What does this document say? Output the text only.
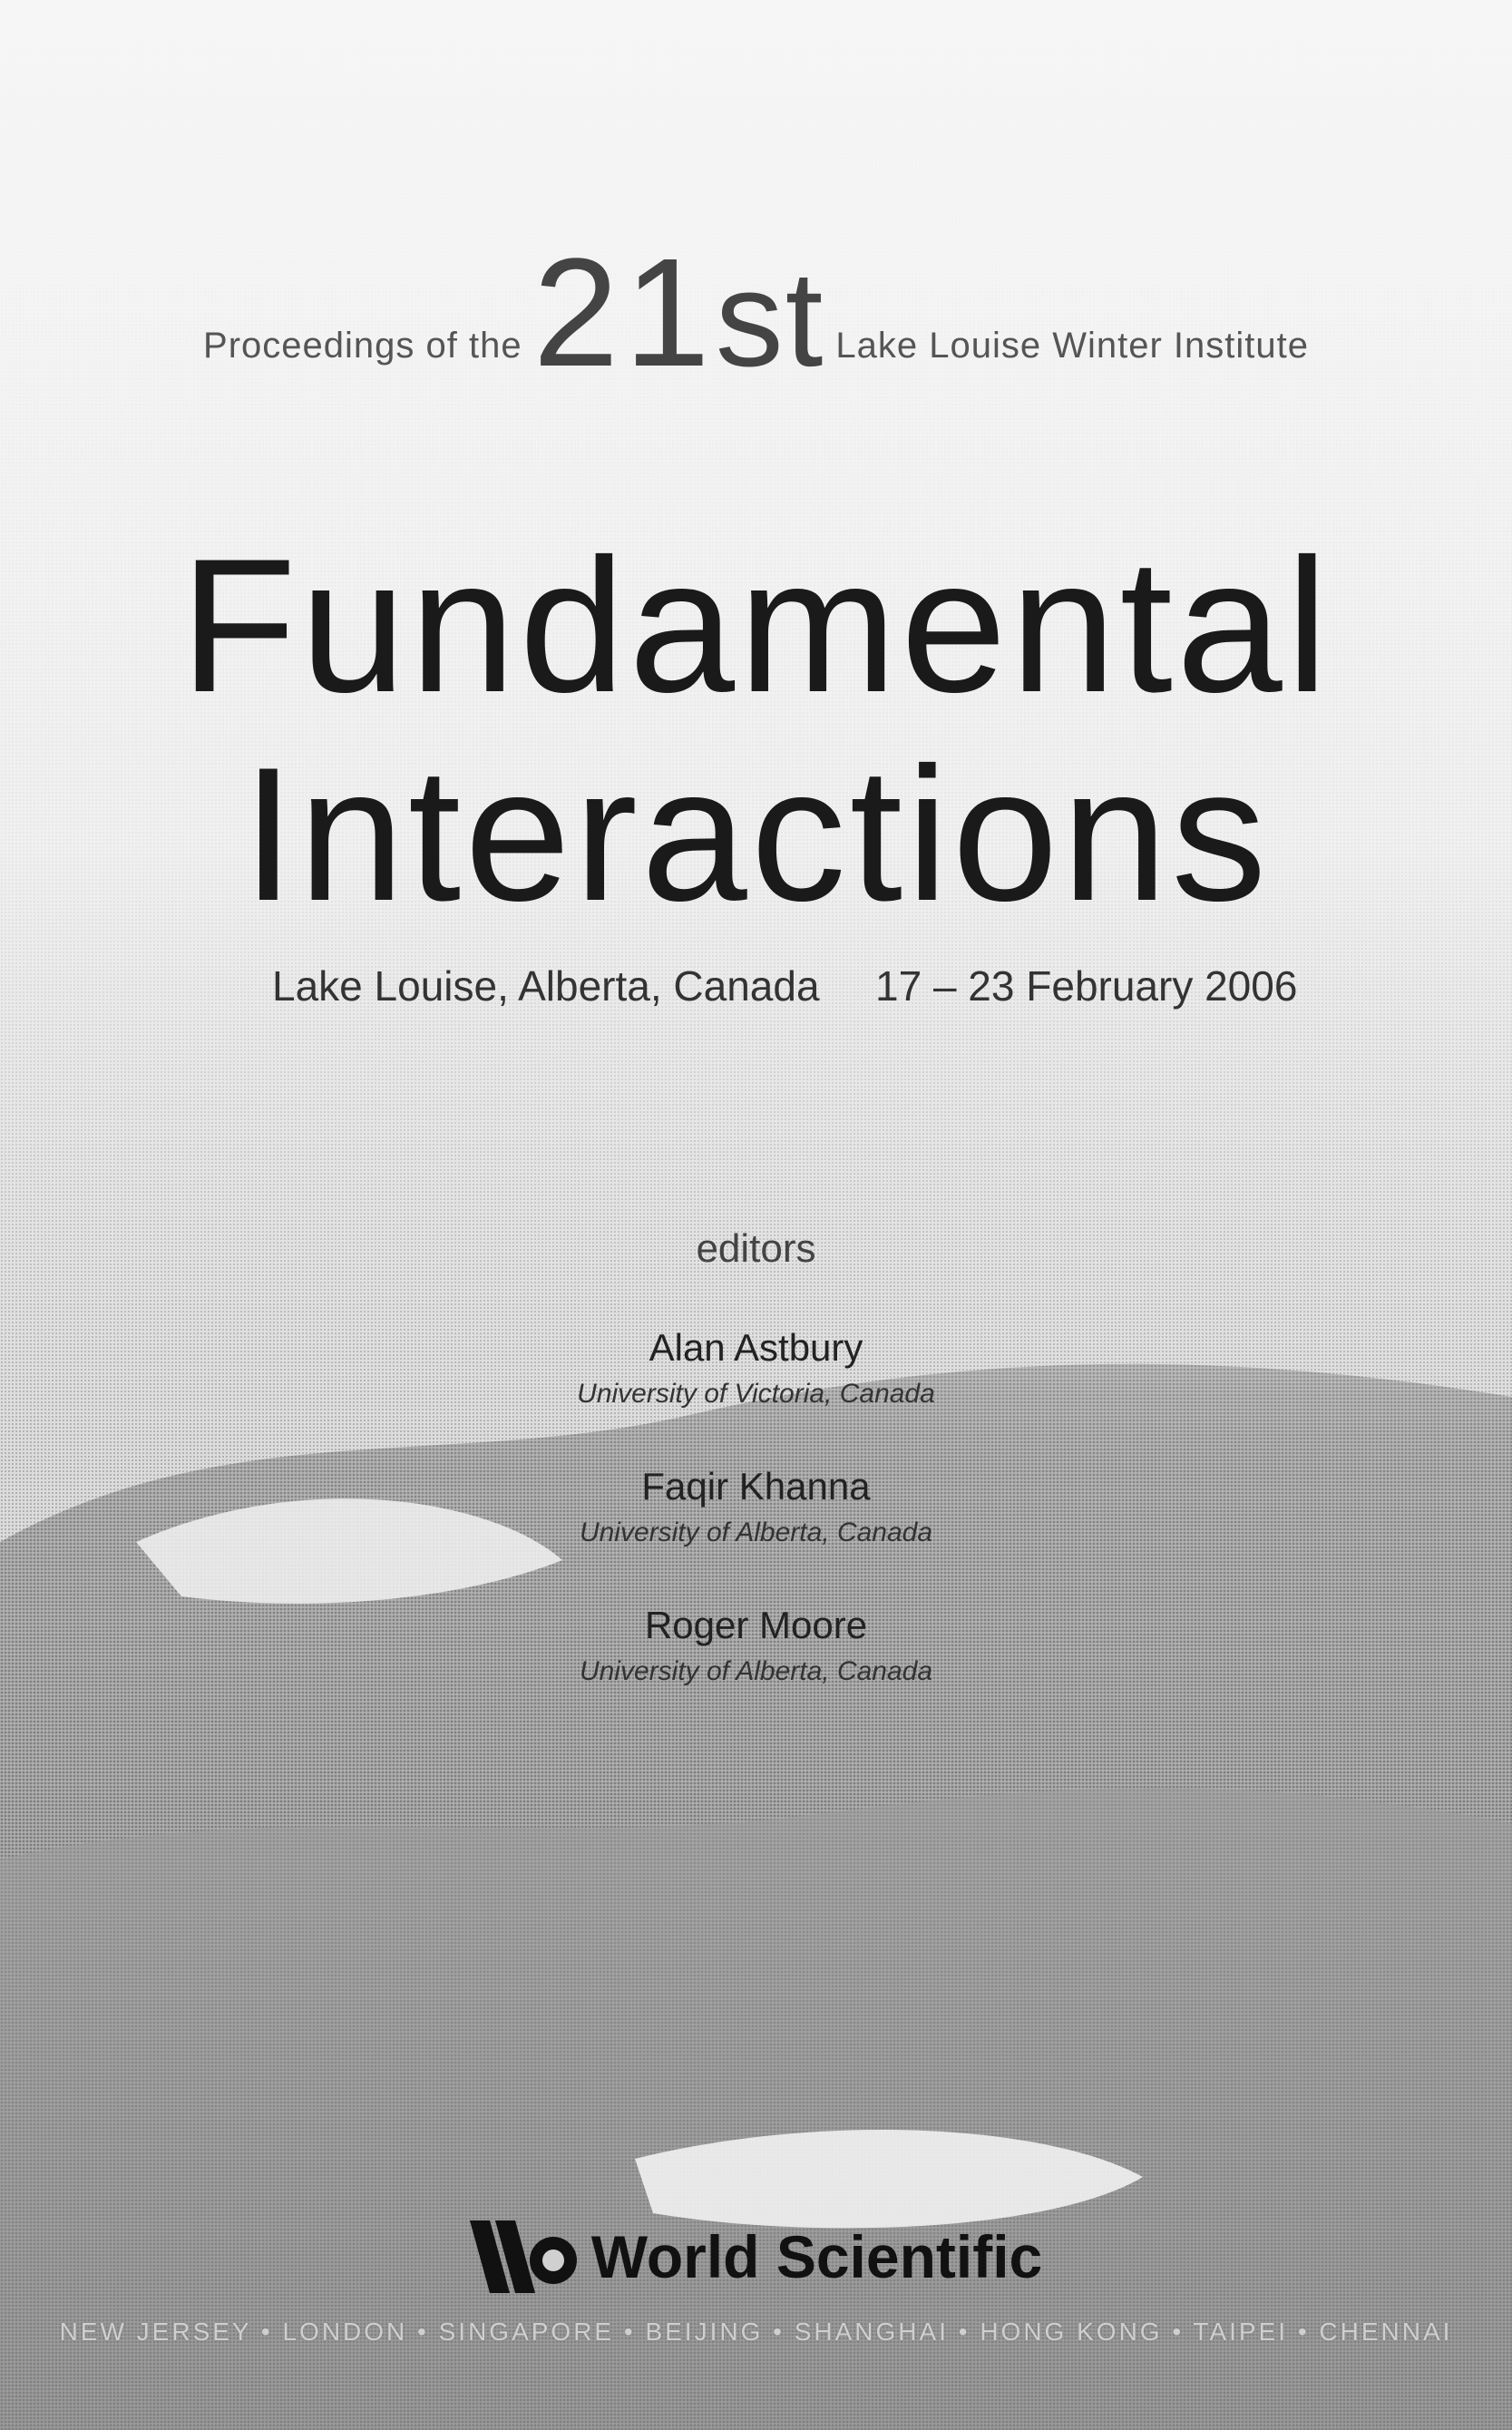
Proceedings of the 21st Lake Louise Winter Institute
Fundamental
Interactions
Lake Louise, Alberta, Canada 17 – 23 February 2006
editors
Alan Astbury
University of Victoria, Canada
Faqir Khanna
University of Alberta, Canada
Roger Moore
University of Alberta, Canada
World Scientific
NEW JERSEY • LONDON • SINGAPORE • BEIJING • SHANGHAI • HONG KONG • TAIPEI • CHENNAI
